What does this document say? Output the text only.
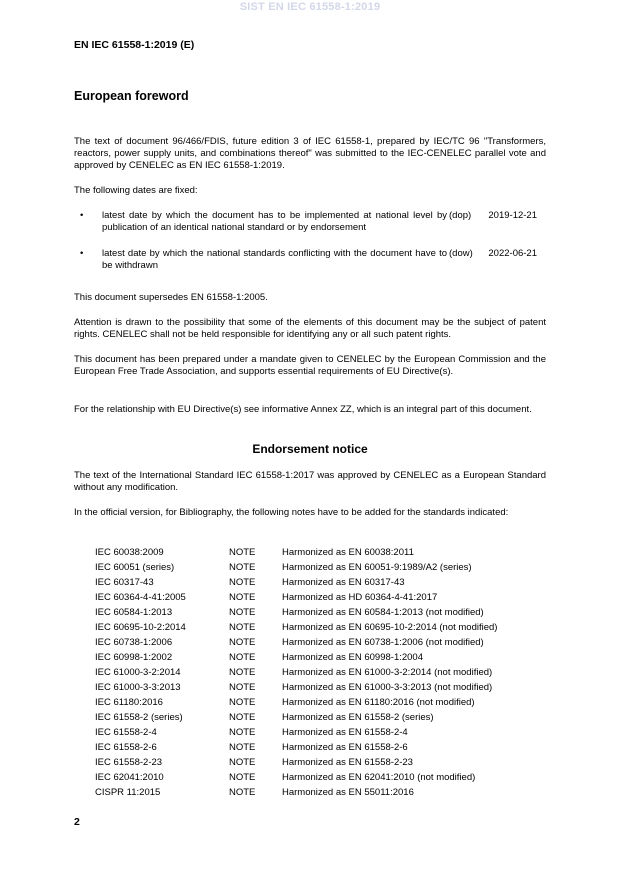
SIST EN IEC 61558-1:2019
EN IEC 61558-1:2019 (E)
European foreword

The text of document 96/466/FDIS, future edition 3 of IEC 61558-1, prepared by IEC/TC 96 "Transformers, reactors, power supply units, and combinations thereof" was submitted to the IEC-CENELEC parallel vote and approved by CENELEC as EN IEC 61558-1:2019.

The following dates are fixed:

• latest date by which the document has to be implemented at national level by publication of an identical national standard or by endorsement
(dop)	2019-12-21
• latest date by which the national standards conflicting with the document have to be withdrawn
(dow)	2022-06-21

This document supersedes EN 61558-1:2005.

Attention is drawn to the possibility that some of the elements of this document may be the subject of patent rights. CENELEC shall not be held responsible for identifying any or all such patent rights.

This document has been prepared under a mandate given to CENELEC by the European Commission and the European Free Trade Association, and supports essential requirements of EU Directive(s).

For the relationship with EU Directive(s) see informative Annex ZZ, which is an integral part of this document.

Endorsement notice

The text of the International Standard IEC 61558-1:2017 was approved by CENELEC as a European Standard without any modification.

In the official version, for Bibliography, the following notes have to be added for the standards indicated:

IEC 60038:2009	NOTE	Harmonized as EN 60038:2011
IEC 60051 (series)	NOTE	Harmonized as EN 60051-9:1989/A2 (series)
IEC 60317-43	NOTE	Harmonized as EN 60317-43
IEC 60364-4-41:2005	NOTE	Harmonized as HD 60364-4-41:2017
IEC 60584-1:2013	NOTE	Harmonized as EN 60584-1:2013 (not modified)
IEC 60695-10-2:2014	NOTE	Harmonized as EN 60695-10-2:2014 (not modified)
IEC 60738-1:2006	NOTE	Harmonized as EN 60738-1:2006 (not modified)
IEC 60998-1:2002	NOTE	Harmonized as EN 60998-1:2004
IEC 61000-3-2:2014	NOTE	Harmonized as EN 61000-3-2:2014 (not modified)
IEC 61000-3-3:2013	NOTE	Harmonized as EN 61000-3-3:2013 (not modified)
IEC 61180:2016	NOTE	Harmonized as EN 61180:2016 (not modified)
IEC 61558-2 (series)	NOTE	Harmonized as EN 61558-2 (series)
IEC 61558-2-4	NOTE	Harmonized as EN 61558-2-4
IEC 61558-2-6	NOTE	Harmonized as EN 61558-2-6
IEC 61558-2-23	NOTE	Harmonized as EN 61558-2-23
IEC 62041:2010	NOTE	Harmonized as EN 62041:2010 (not modified)
CISPR 11:2015	NOTE	Harmonized as EN 55011:2016
2
